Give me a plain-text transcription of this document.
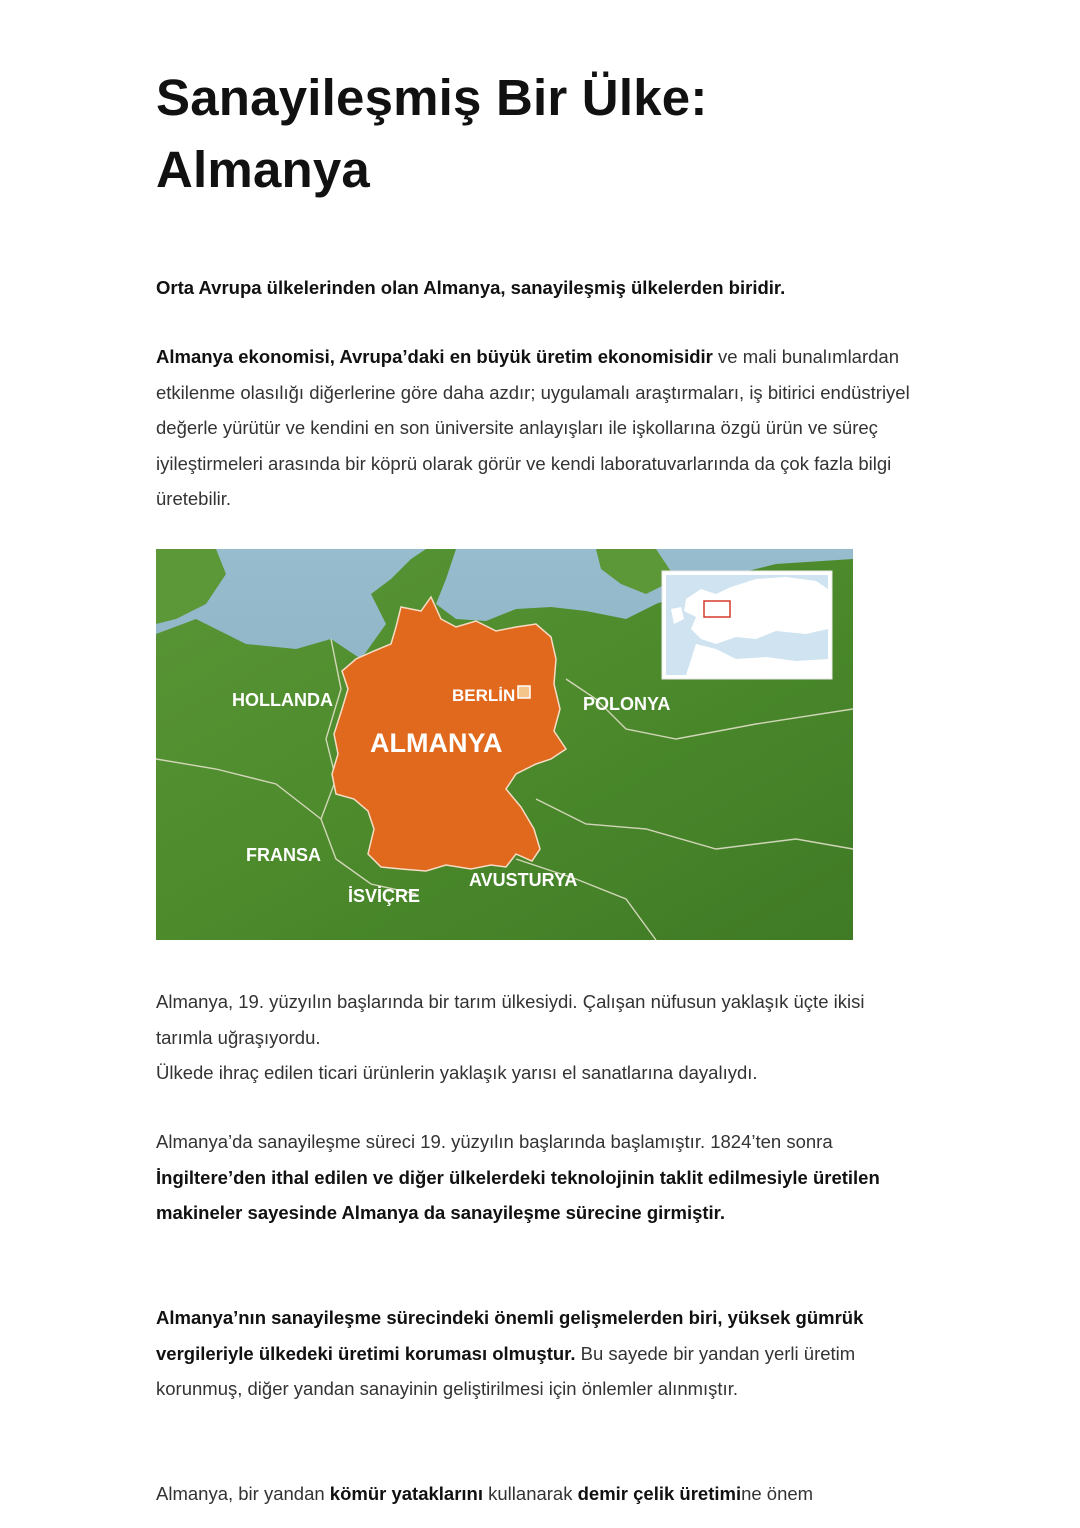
Sanayileşmiş Bir Ülke:
Almanya

Orta Avrupa ülkelerinden olan Almanya, sanayileşmiş ülkelerden biridir.

Almanya ekonomisi, Avrupa’daki en büyük üretim ekonomisidir ve mali bunalımlardan etkilenme olasılığı diğerlerine göre daha azdır; uygulamalı araştırmaları, iş bitirici endüstriyel değerle yürütür ve kendini en son üniversite anlayışları ile işkollarına özgü ürün ve süreç iyileştirmeleri arasında bir köprü olarak görür ve kendi laboratuvarlarında da çok fazla bilgi üretebilir.

HOLLANDA	BERLİN	POLONYA
ALMANYA
FRANSA
AVUSTURYA
İSVİÇRE

Almanya, 19. yüzyılın başlarında bir tarım ülkesiydi. Çalışan nüfusun yaklaşık üçte ikisi tarımla uğraşıyordu.
Ülkede ihraç edilen ticari ürünlerin yaklaşık yarısı el sanatlarına dayalıydı.

Almanya’da sanayileşme süreci 19. yüzyılın başlarında başlamıştır. 1824’ten sonra İngiltere’den ithal edilen ve diğer ülkelerdeki teknolojinin taklit edilmesiyle üretilen makineler sayesinde Almanya da sanayileşme sürecine girmiştir.

Almanya’nın sanayileşme sürecindeki önemli gelişmelerden biri, yüksek gümrük vergileriyle ülkedeki üretimi koruması olmuştur. Bu sayede bir yandan yerli üretim korunmuş, diğer yandan sanayinin geliştirilmesi için önlemler alınmıştır.

Almanya, bir yandan kömür yataklarını kullanarak demir çelik üretimine önem
